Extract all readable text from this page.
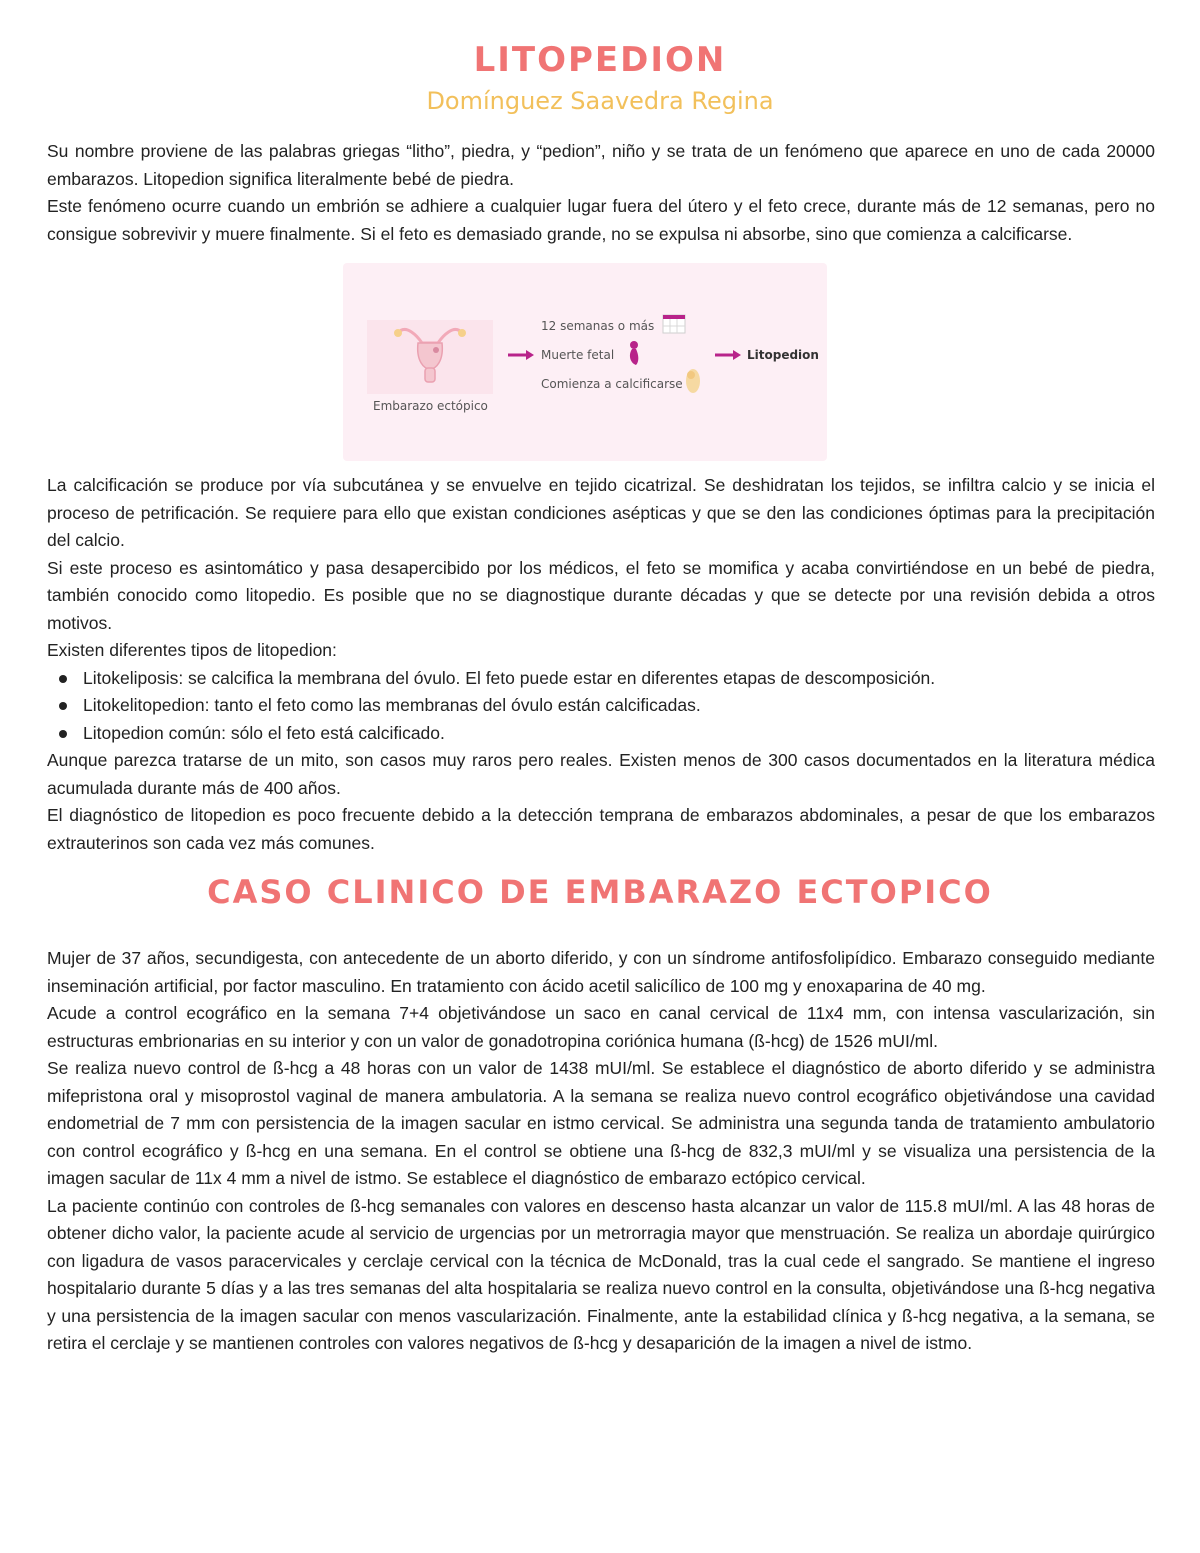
LITOPEDION
Domínguez Saavedra Regina

Su nombre proviene de las palabras griegas “litho”, piedra, y “pedion”, niño y se trata de un fenómeno que aparece en uno de cada 20000 embarazos. Litopedion significa literalmente bebé de piedra.

Este fenómeno ocurre cuando un embrión se adhiere a cualquier lugar fuera del útero y el feto crece, durante más de 12 semanas, pero no consigue sobrevivir y muere finalmente. Si el feto es demasiado grande, no se expulsa ni absorbe, sino que comienza a calcificarse.

Embarazo ectópico
12 semanas o más
Muerte fetal
Comienza a calcificarse
Litopedion

La calcificación se produce por vía subcutánea y se envuelve en tejido cicatrizal. Se deshidratan los tejidos, se infiltra calcio y se inicia el proceso de petrificación. Se requiere para ello que existan condiciones asépticas y que se den las condiciones óptimas para la precipitación del calcio.

Si este proceso es asintomático y pasa desapercibido por los médicos, el feto se momifica y acaba convirtiéndose en un bebé de piedra, también conocido como litopedio. Es posible que no se diagnostique durante décadas y que se detecte por una revisión debida a otros motivos.

Existen diferentes tipos de litopedion:

Litokeliposis: se calcifica la membrana del óvulo. El feto puede estar en diferentes etapas de descomposición.
Litokelitopedion: tanto el feto como las membranas del óvulo están calcificadas.
Litopedion común: sólo el feto está calcificado.

Aunque parezca tratarse de un mito, son casos muy raros pero reales. Existen menos de 300 casos documentados en la literatura médica acumulada durante más de 400 años.

El diagnóstico de litopedion es poco frecuente debido a la detección temprana de embarazos abdominales, a pesar de que los embarazos extrauterinos son cada vez más comunes.

CASO CLINICO DE EMBARAZO ECTOPICO

Mujer de 37 años, secundigesta, con antecedente de un aborto diferido, y con un síndrome antifosfolipídico. Embarazo conseguido mediante inseminación artificial, por factor masculino. En tratamiento con ácido acetil salicílico de 100 mg y enoxaparina de 40 mg.

Acude a control ecográfico en la semana 7+4 objetivándose un saco en canal cervical de 11x4 mm, con intensa vascularización, sin estructuras embrionarias en su interior y con un valor de gonadotropina coriónica humana (ß-hcg) de 1526 mUI/ml.

Se realiza nuevo control de ß-hcg a 48 horas con un valor de 1438 mUI/ml. Se establece el diagnóstico de aborto diferido y se administra mifepristona oral y misoprostol vaginal de manera ambulatoria. A la semana se realiza nuevo control ecográfico objetivándose una cavidad endometrial de 7 mm con persistencia de la imagen sacular en istmo cervical. Se administra una segunda tanda de tratamiento ambulatorio con control ecográfico y ß-hcg en una semana. En el control se obtiene una ß-hcg de 832,3 mUI/ml y se visualiza una persistencia de la imagen sacular de 11x 4 mm a nivel de istmo. Se establece el diagnóstico de embarazo ectópico cervical.

La paciente continúo con controles de ß-hcg semanales con valores en descenso hasta alcanzar un valor de 115.8 mUI/ml. A las 48 horas de obtener dicho valor, la paciente acude al servicio de urgencias por un metrorragia mayor que menstruación. Se realiza un abordaje quirúrgico con ligadura de vasos paracervicales y cerclaje cervical con la técnica de McDonald, tras la cual cede el sangrado. Se mantiene el ingreso hospitalario durante 5 días y a las tres semanas del alta hospitalaria se realiza nuevo control en la consulta, objetivándose una ß-hcg negativa y una persistencia de la imagen sacular con menos vascularización. Finalmente, ante la estabilidad clínica y ß-hcg negativa, a la semana, se retira el cerclaje y se mantienen controles con valores negativos de ß-hcg y desaparición de la imagen a nivel de istmo.
